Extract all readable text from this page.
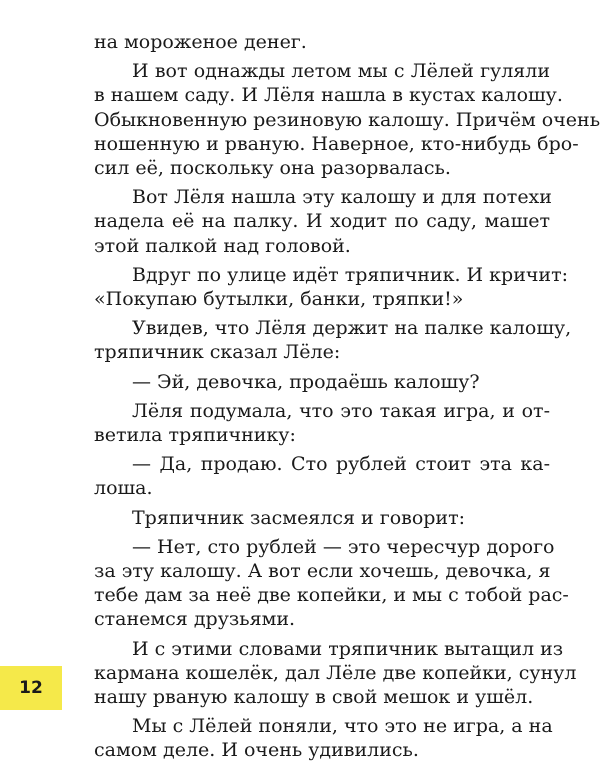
на мороженое денег.

И вот однажды летом мы с Лёлей гуляли
в нашем саду. И Лёля нашла в кустах калошу.
Обыкновенную резиновую калошу. Причём очень
ношенную и рваную. Наверное, кто-нибудь бро-
сил её, поскольку она разорвалась.

Вот Лёля нашла эту калошу и для потехи
надела её на палку. И ходит по саду, машет
этой палкой над головой.

Вдруг по улице идёт тряпичник. И кричит:
«Покупаю бутылки, банки, тряпки!»

Увидев, что Лёля держит на палке калошу,
тряпичник сказал Лёле:

— Эй, девочка, продаёшь калошу?

Лёля подумала, что это такая игра, и от-
ветила тряпичнику:

— Да, продаю. Сто рублей стоит эта ка-
лоша.

Тряпичник засмеялся и говорит:

— Нет, сто рублей — это чересчур дорого
за эту калошу. А вот если хочешь, девочка, я
тебе дам за неё две копейки, и мы с тобой рас-
станемся друзьями.

И с этими словами тряпичник вытащил из
кармана кошелёк, дал Лёле две копейки, сунул
нашу рваную калошу в свой мешок и ушёл.

Мы с Лёлей поняли, что это не игра, а на
самом деле. И очень удивились.

12
